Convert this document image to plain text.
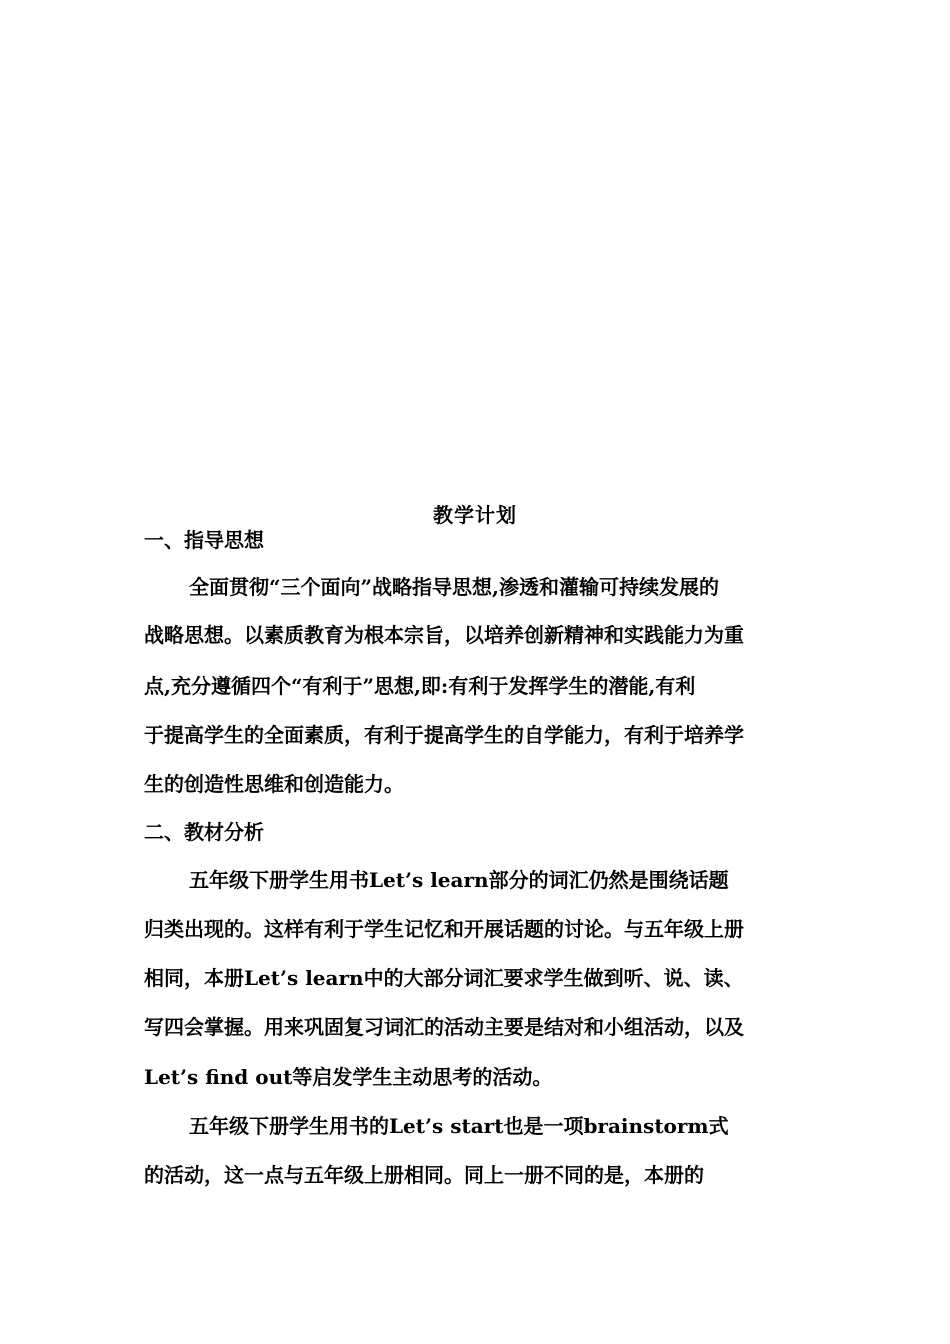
教学计划
一、指导思想
全面贯彻“三个面向”战略指导思想,渗透和灌输可持续发展的
战略思想。以素质教育为根本宗旨，以培养创新精神和实践能力为重
点,充分遵循四个“有利于”思想,即:有利于发挥学生的潜能,有利
于提高学生的全面素质，有利于提高学生的自学能力，有利于培养学
生的创造性思维和创造能力。
二、教材分析
五年级下册学生用书Let’s learn部分的词汇仍然是围绕话题
归类出现的。这样有利于学生记忆和开展话题的讨论。与五年级上册
相同，本册Let’s learn中的大部分词汇要求学生做到听、说、读、
写四会掌握。用来巩固复习词汇的活动主要是结对和小组活动，以及
Let’s find out等启发学生主动思考的活动。
五年级下册学生用书的Let’s start也是一项brainstorm式
的活动，这一点与五年级上册相同。同上一册不同的是，本册的
